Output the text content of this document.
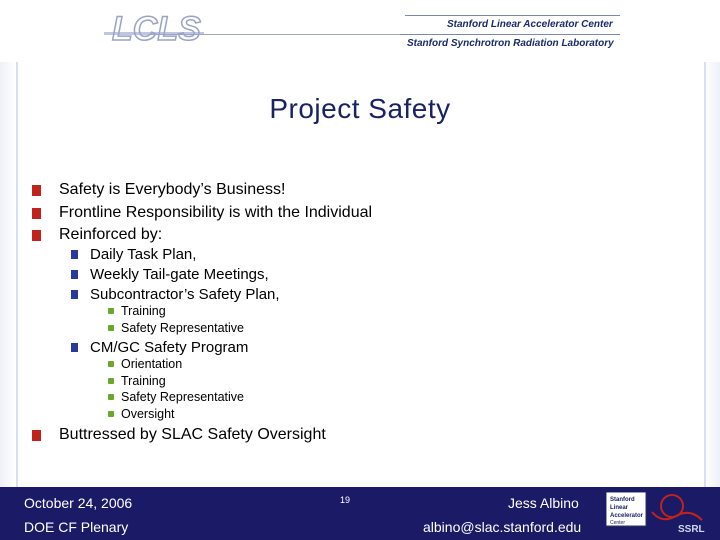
LCLS	Stanford Linear Accelerator Center
Stanford Synchrotron Radiation Laboratory
Project Safety
Safety is Everybody’s Business!
Frontline Responsibility is with the Individual
Reinforced by:
Daily Task Plan,
Weekly Tail-gate Meetings,
Subcontractor’s Safety Plan,
Training
Safety Representative
CM/GC Safety Program
Orientation
Training
Safety Representative
Oversight
Buttressed by SLAC Safety Oversight
October 24, 2006
DOE CF Plenary
19	Jess Albino
albino@slac.stanford.edu
Stanford
Linear
Accelerator
Center
SSRL
